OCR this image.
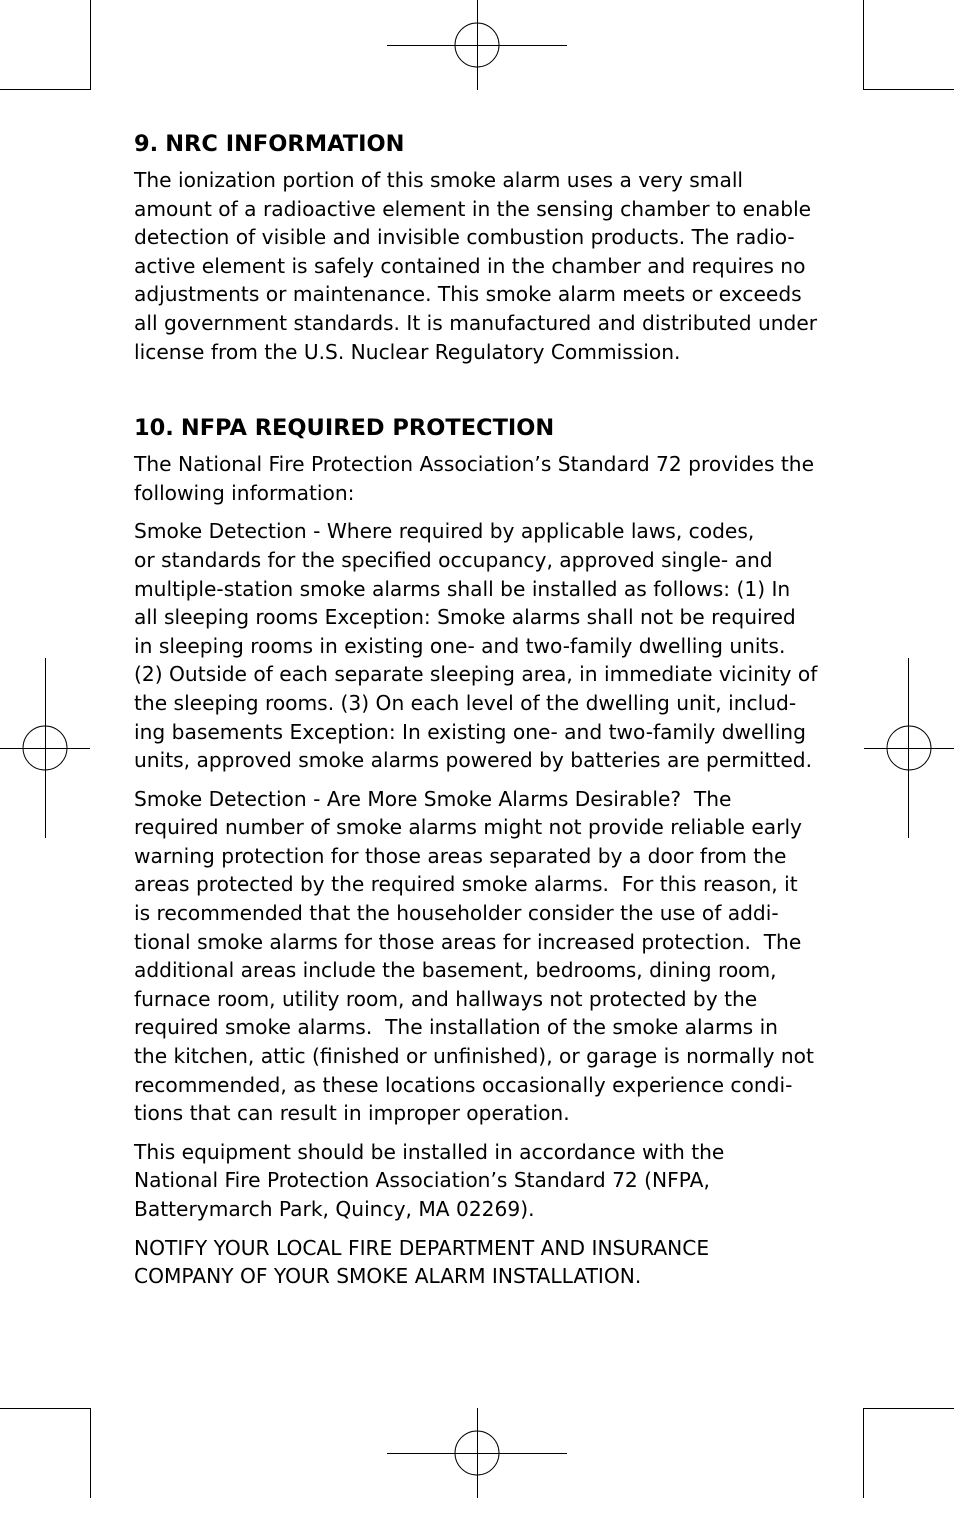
9. NRC INFORMATION

The ionization portion of this smoke alarm uses a very small
amount of a radioactive element in the sensing chamber to enable
detection of visible and invisible combustion products. The radio-
active element is safely contained in the chamber and requires no
adjustments or maintenance. This smoke alarm meets or exceeds
all government standards. It is manufactured and distributed under
license from the U.S. Nuclear Regulatory Commission.

10. NFPA REQUIRED PROTECTION

The National Fire Protection Association’s Standard 72 provides the
following information:

Smoke Detection - Where required by applicable laws, codes,
or standards for the specified occupancy, approved single- and
multiple-station smoke alarms shall be installed as follows: (1) In
all sleeping rooms Exception: Smoke alarms shall not be required
in sleeping rooms in existing one- and two-family dwelling units.
(2) Outside of each separate sleeping area, in immediate vicinity of
the sleeping rooms. (3) On each level of the dwelling unit, includ-
ing basements Exception: In existing one- and two-family dwelling
units, approved smoke alarms powered by batteries are permitted.

Smoke Detection - Are More Smoke Alarms Desirable?  The
required number of smoke alarms might not provide reliable early
warning protection for those areas separated by a door from the
areas protected by the required smoke alarms.  For this reason, it
is recommended that the householder consider the use of addi-
tional smoke alarms for those areas for increased protection.  The
additional areas include the basement, bedrooms, dining room,
furnace room, utility room, and hallways not protected by the
required smoke alarms.  The installation of the smoke alarms in
the kitchen, attic (finished or unfinished), or garage is normally not
recommended, as these locations occasionally experience condi-
tions that can result in improper operation.

This equipment should be installed in accordance with the
National Fire Protection Association’s Standard 72 (NFPA,
Batterymarch Park, Quincy, MA 02269).

NOTIFY YOUR LOCAL FIRE DEPARTMENT AND INSURANCE
COMPANY OF YOUR SMOKE ALARM INSTALLATION.
